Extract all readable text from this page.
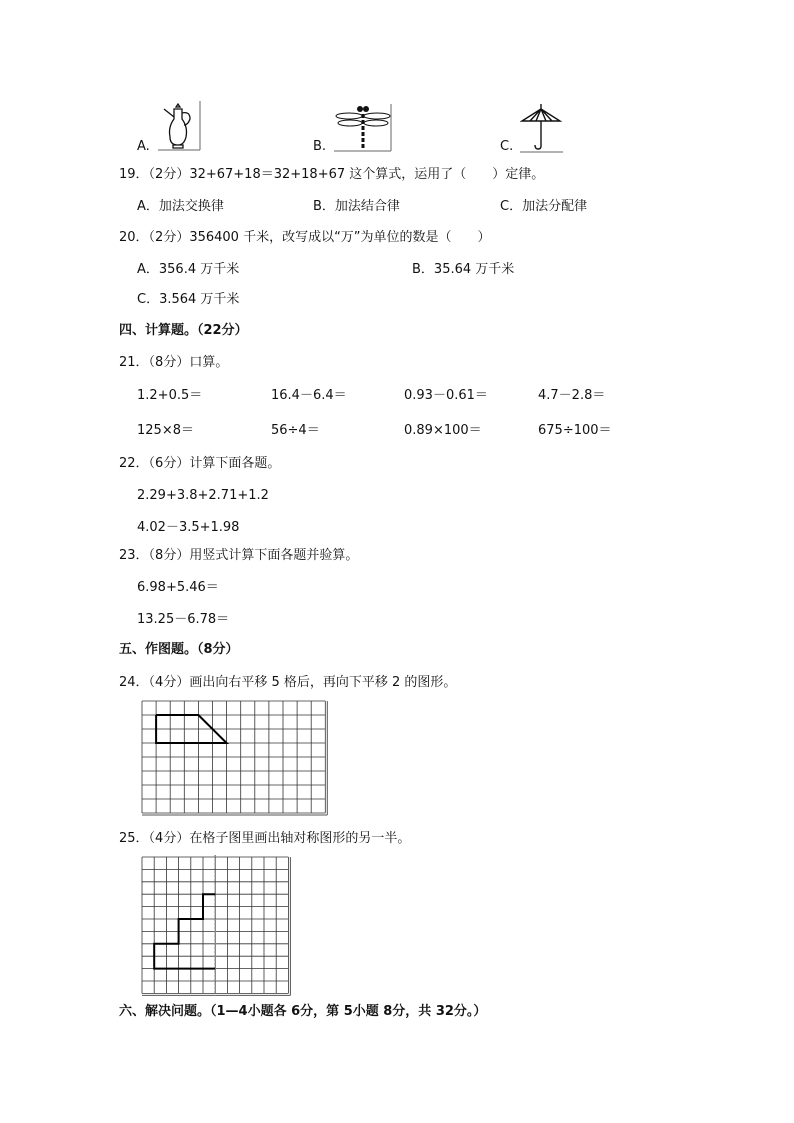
A.	B.	C.
19．（2分）32+67+18＝32+18+67 这个算式，运用了（　　）定律。
A．加法交换律	B．加法结合律	C．加法分配律
20．（2分）356400 千米，改写成以“万”为单位的数是（　　）
A．356.4 万千米	B．35.64 万千米
C．3.564 万千米
四、计算题。（22分）
21．（8分）口算。
1.2+0.5＝	16.4－6.4＝	0.93－0.61＝	4.7－2.8＝
125×8＝	56÷4＝	0.89×100＝	675÷100＝
22．（6分）计算下面各题。
2.29+3.8+2.71+1.2
4.02－3.5+1.98
23．（8分）用竖式计算下面各题并验算。
6.98+5.46＝
13.25－6.78＝
五、作图题。（8分）
24．（4分）画出向右平移 5 格后，再向下平移 2 的图形。
25．（4分）在格子图里画出轴对称图形的另一半。
六、解决问题。（1—4小题各 6分，第 5小题 8分，共 32分。）
